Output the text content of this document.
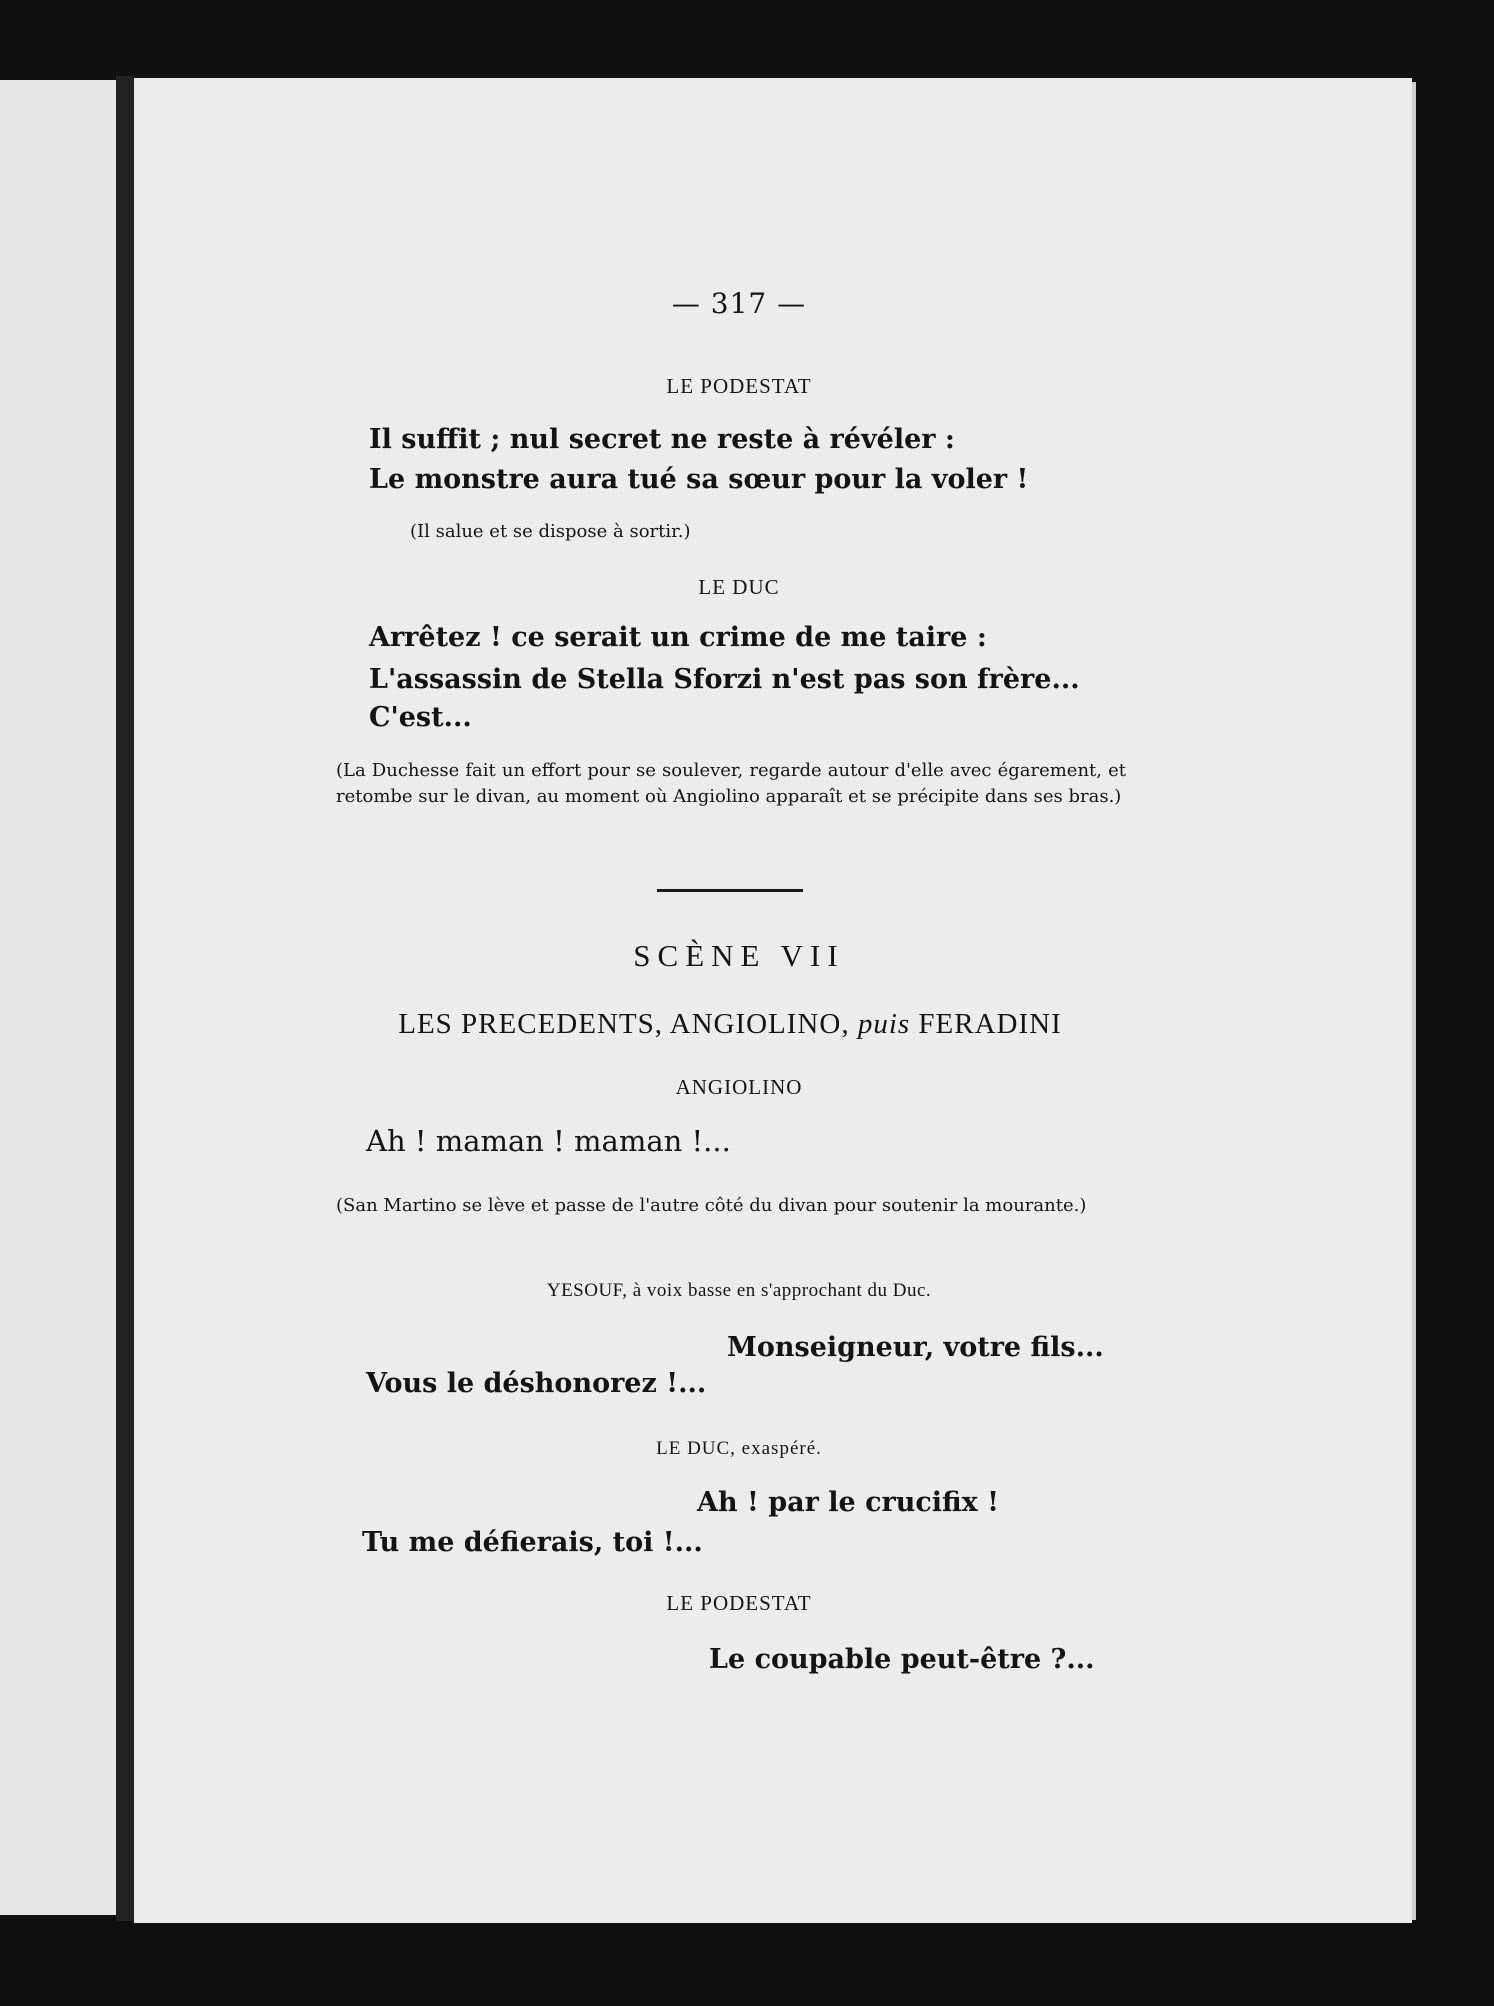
— 317 —
LE PODESTAT
Il suffit ; nul secret ne reste à révéler :
Le monstre aura tué sa sœur pour la voler !
(Il salue et se dispose à sortir.)
LE DUC
Arrêtez ! ce serait un crime de me taire :
L'assassin de Stella Sforzi n'est pas son frère...
C'est...
(La Duchesse fait un effort pour se soulever, regarde autour d'elle avec égarement, et retombe sur le divan, au moment où Angiolino apparaît et se précipite dans ses bras.)
SCÈNE VII
LES PRECEDENTS, ANGIOLINO, puis FERADINI
ANGIOLINO
Ah ! maman ! maman !...
(San Martino se lève et passe de l'autre côté du divan pour soutenir la mourante.)
YESOUF, à voix basse en s'approchant du Duc.
Monseigneur, votre fils...
Vous le déshonorez !...
LE DUC, exaspéré.
Ah ! par le crucifix !
Tu me défierais, toi !...
LE PODESTAT
Le coupable peut-être ?...
